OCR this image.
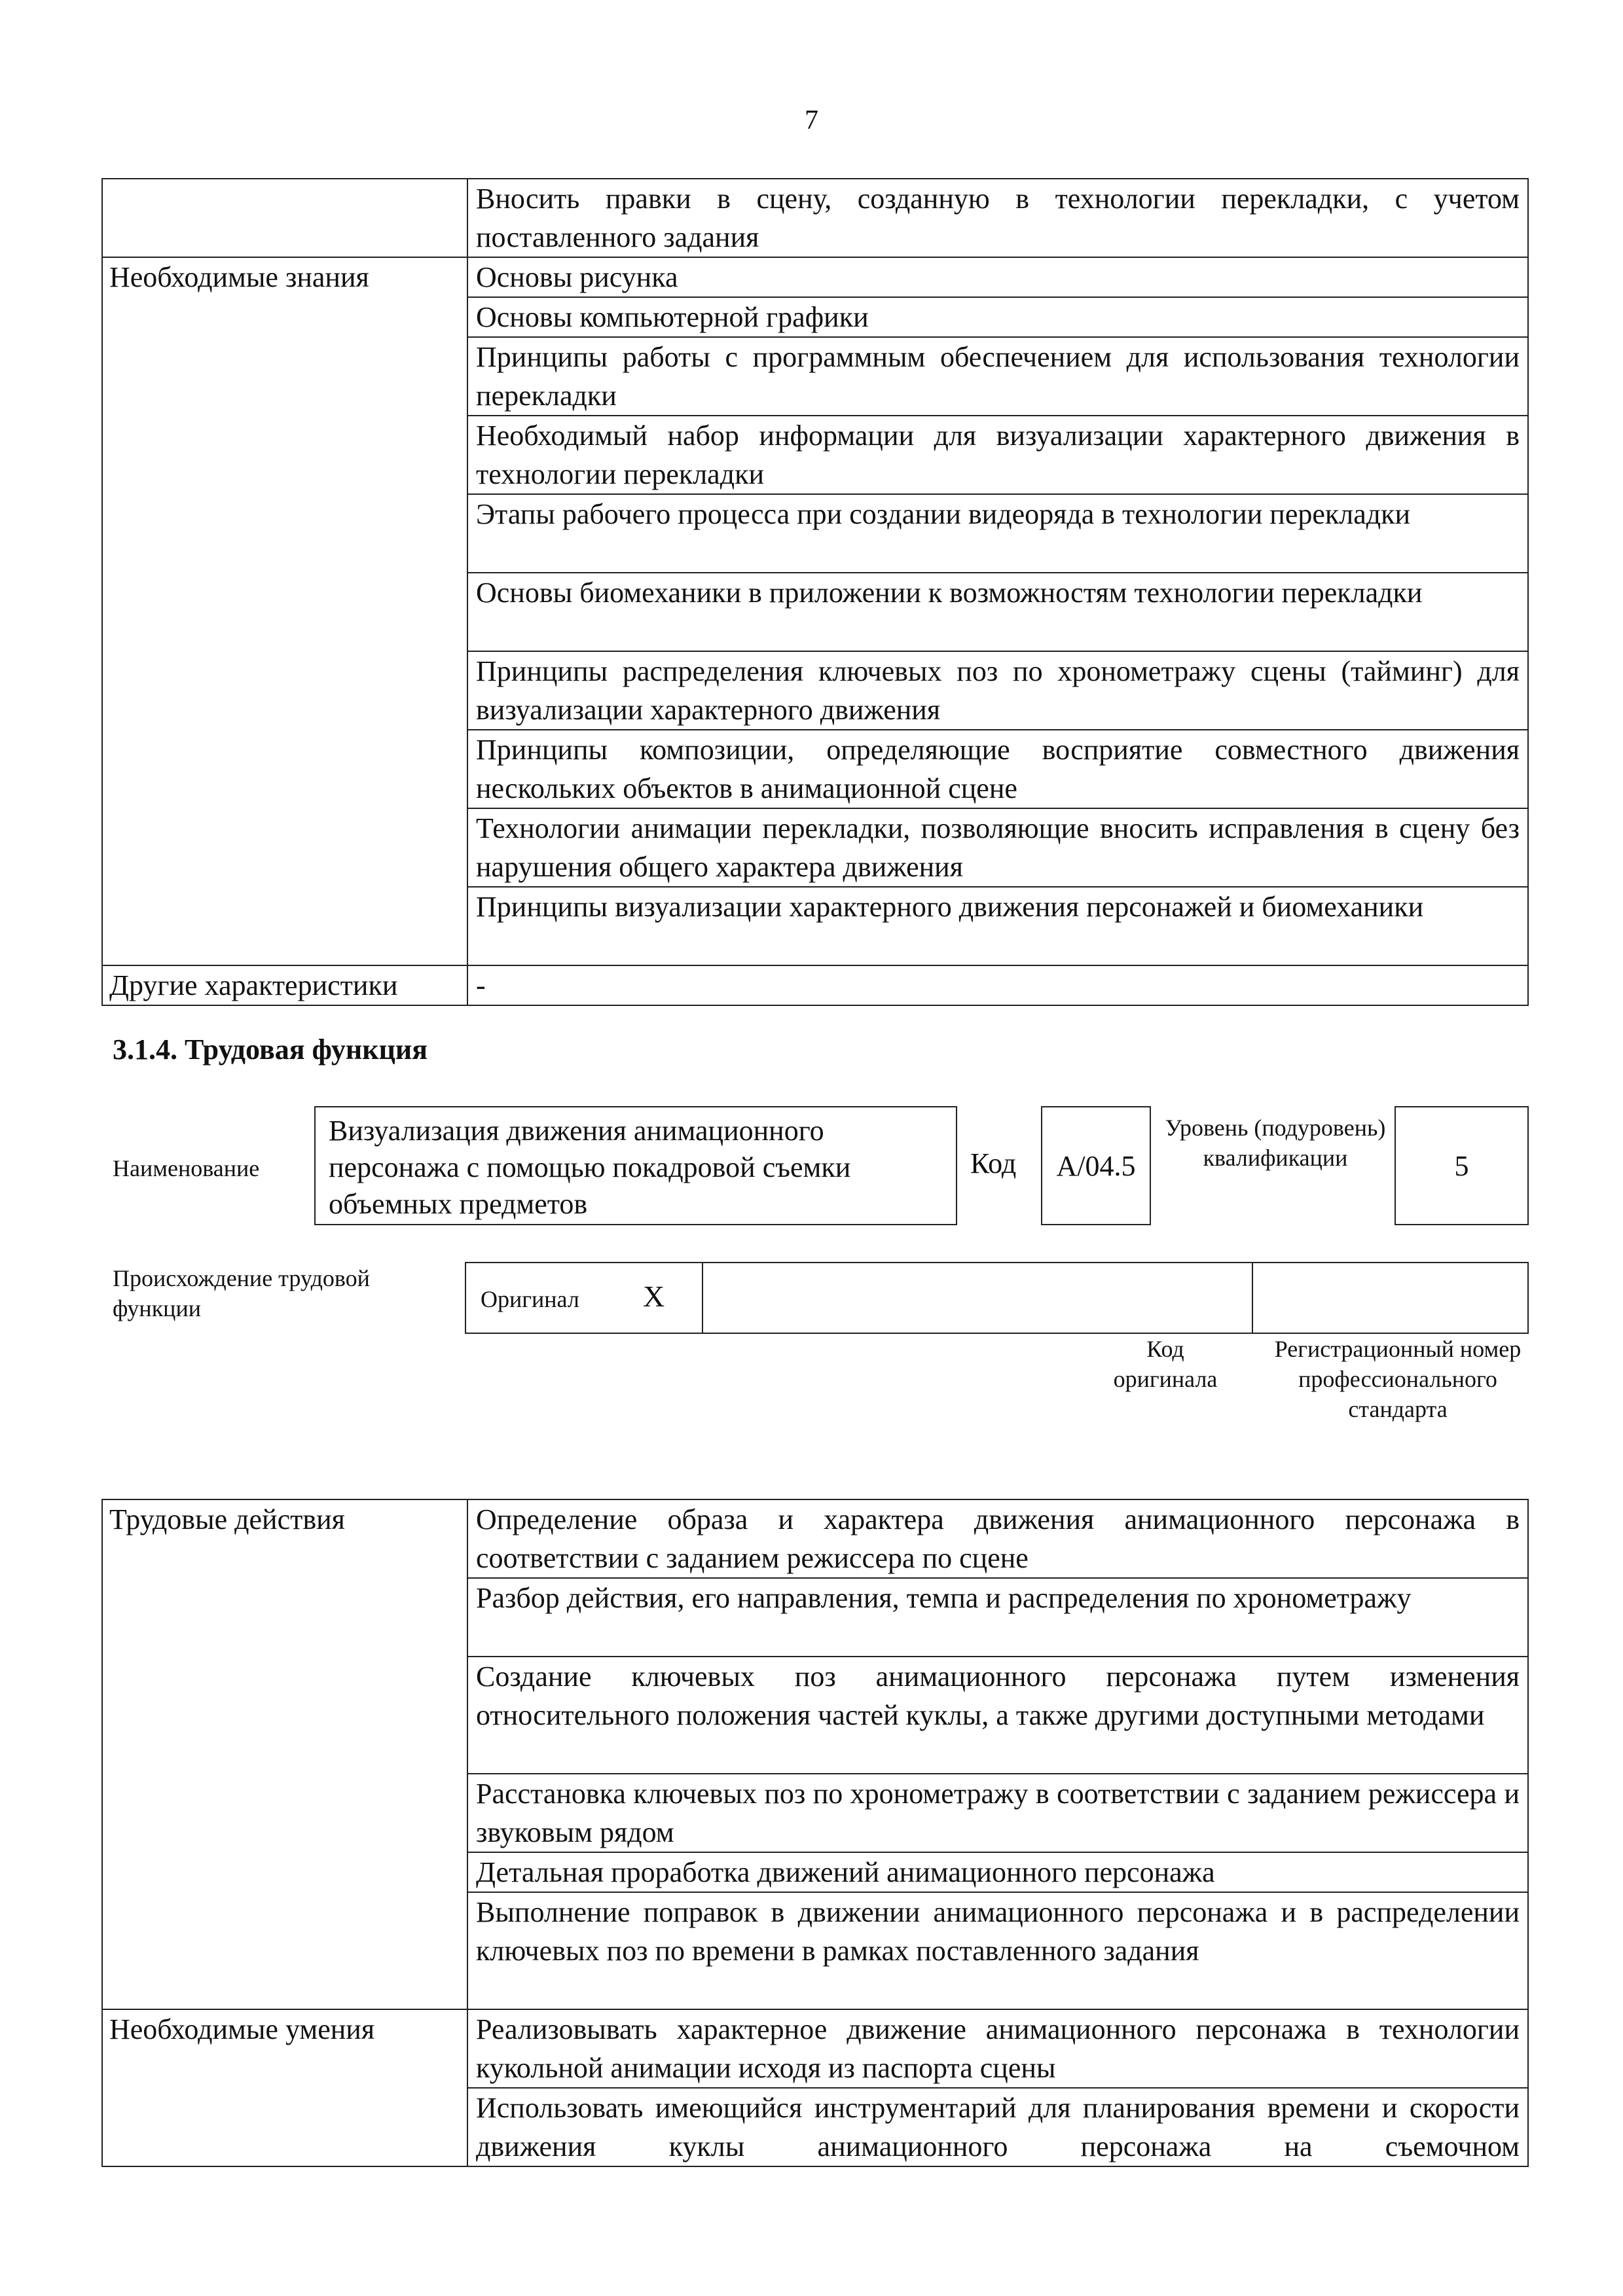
7
	Вносить правки в сцену, созданную в технологии перекладки, с учетом поставленного задания
Необходимые знания	Основы рисунка
	Основы компьютерной графики
	Принципы работы с программным обеспечением для использования технологии перекладки
	Необходимый набор информации для визуализации характерного движения в технологии перекладки
	Этапы рабочего процесса при создании видеоряда в технологии перекладки
	Основы биомеханики в приложении к возможностям технологии перекладки
	Принципы распределения ключевых поз по хронометражу сцены (тайминг) для визуализации характерного движения
	Принципы композиции, определяющие восприятие совместного движения нескольких объектов в анимационной сцене
	Технологии анимации перекладки, позволяющие вносить исправления в сцену без нарушения общего характера движения
	Принципы визуализации характерного движения персонажей и биомеханики
Другие характеристики	-
3.1.4. Трудовая функция
Наименование
Визуализация движения анимационного персонажа с помощью покадровой съемки объемных предметов
Код A/04.5
Уровень (подуровень) квалификации	5
Происхождение трудовой функции	Оригинал X
Код оригинала
Регистрационный номер профессионального стандарта
Трудовые действия	Определение образа и характера движения анимационного персонажа в соответствии с заданием режиссера по сцене
	Разбор действия, его направления, темпа и распределения по хронометражу
	Создание ключевых поз анимационного персонажа путем изменения относительного положения частей куклы, а также другими доступными методами
	Расстановка ключевых поз по хронометражу в соответствии с заданием режиссера и звуковым рядом
	Детальная проработка движений анимационного персонажа
	Выполнение поправок в движении анимационного персонажа и в распределении ключевых поз по времени в рамках поставленного задания
Необходимые умения	Реализовывать характерное движение анимационного персонажа в технологии кукольной анимации исходя из паспорта сцены
	Использовать имеющийся инструментарий для планирования времени и скорости движения куклы анимационного персонажа на съемочном
